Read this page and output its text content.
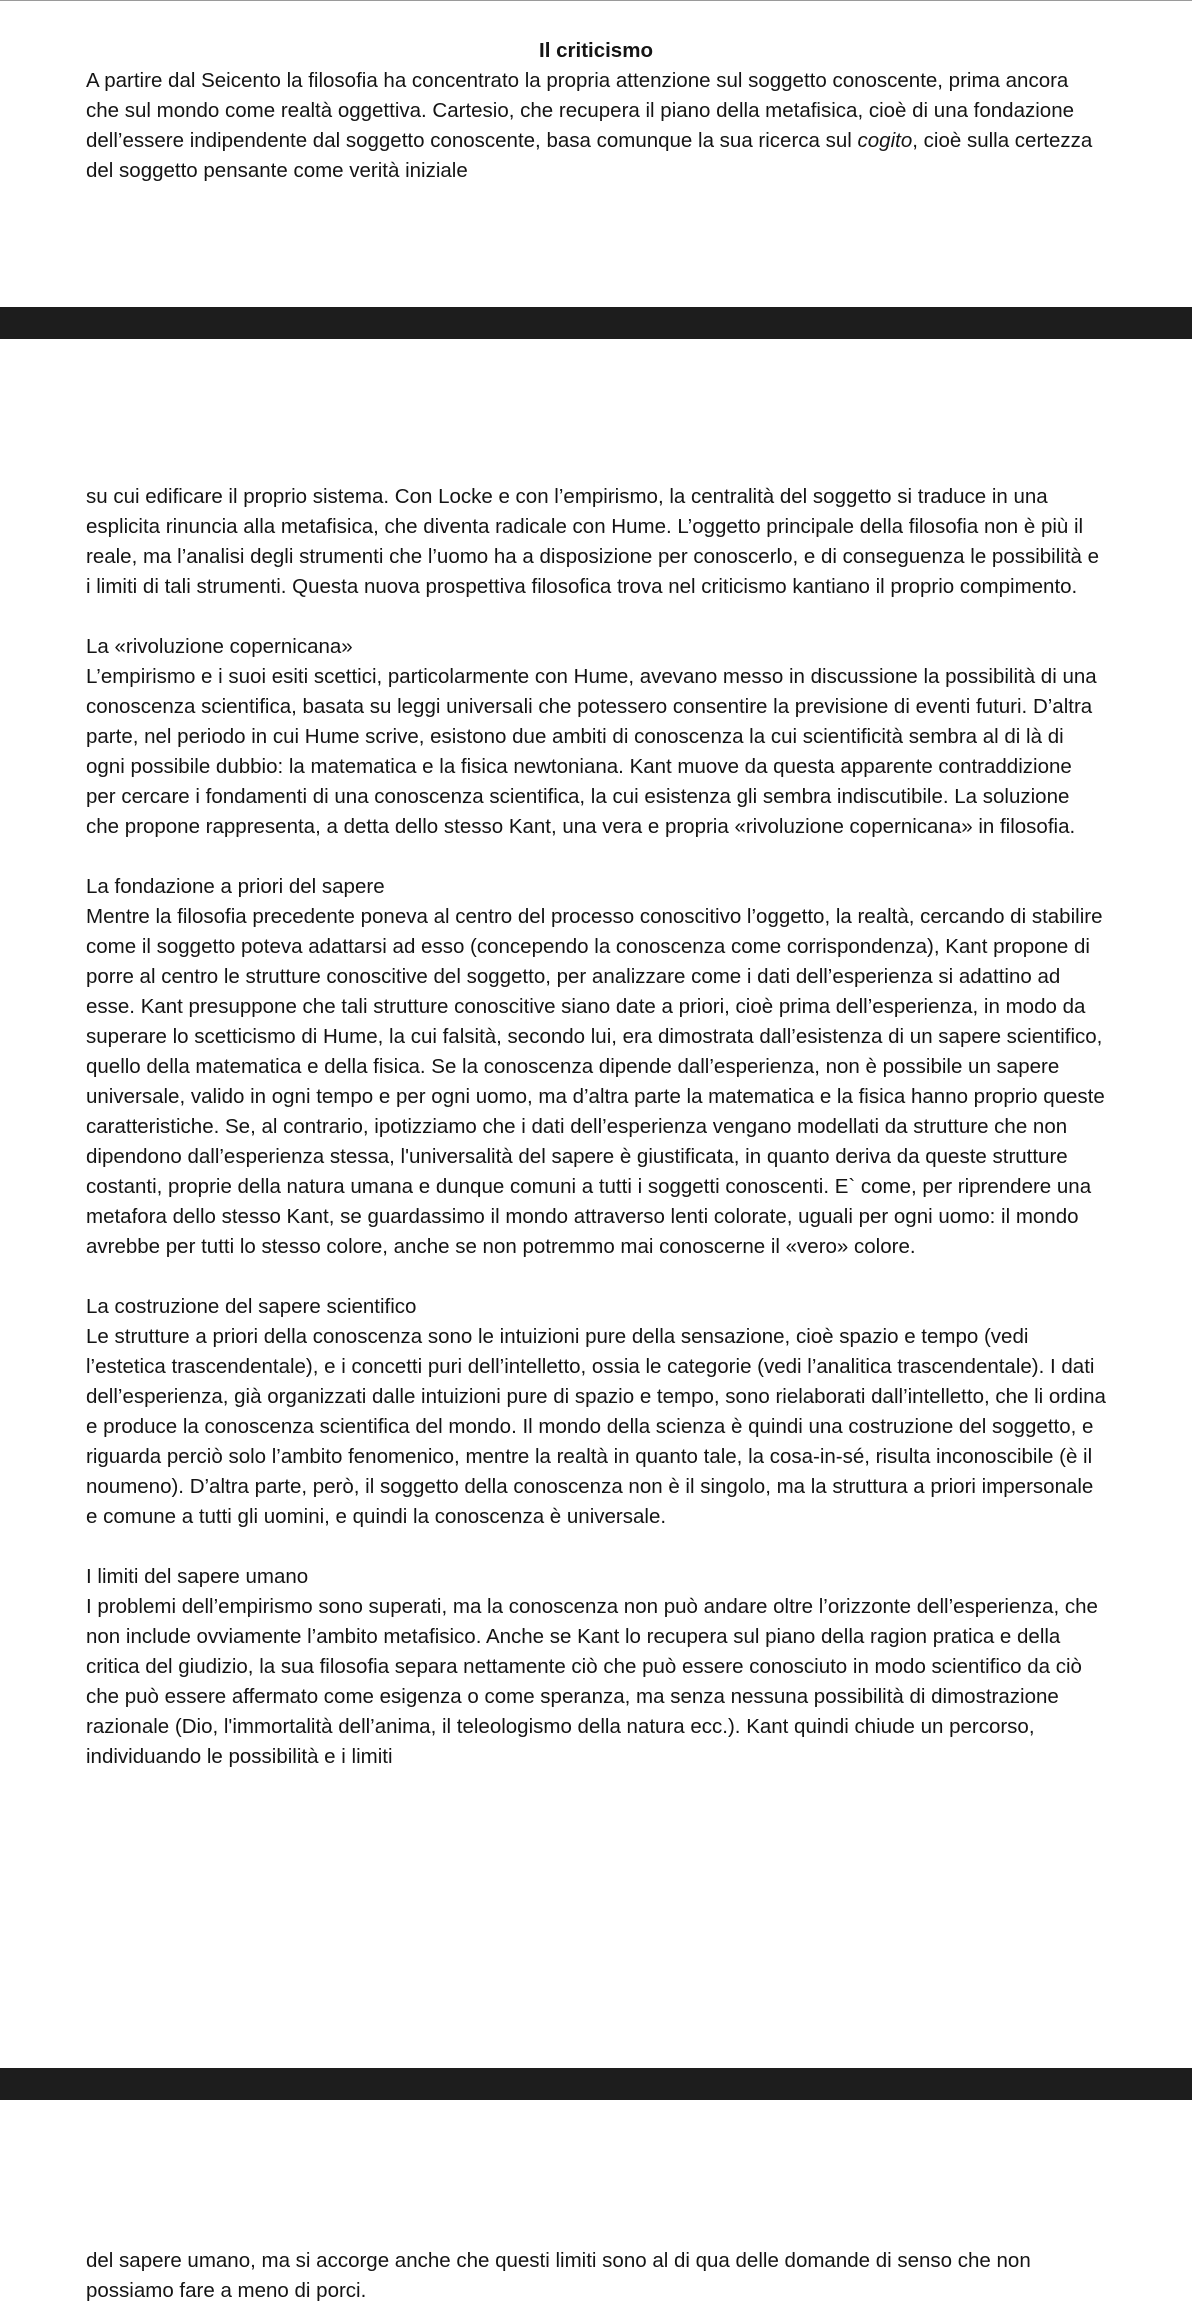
Il criticismo

A partire dal Seicento la filosofia ha concentrato la propria attenzione sul soggetto conoscente, prima ancora che sul mondo come realtà oggettiva. Cartesio, che recupera il piano della metafisica, cioè di una fondazione dell’essere indipendente dal soggetto conoscente, basa comunque la sua ricerca sul cogito, cioè sulla certezza del soggetto pensante come verità iniziale

su cui edificare il proprio sistema. Con Locke e con l’empirismo, la centralità del soggetto si traduce in una esplicita rinuncia alla metafisica, che diventa radicale con Hume. L’oggetto principale della filosofia non è più il reale, ma l’analisi degli strumenti che l’uomo ha a disposizione per conoscerlo, e di conseguenza le possibilità e i limiti di tali strumenti. Questa nuova prospettiva filosofica trova nel criticismo kantiano il proprio compimento.

La «rivoluzione copernicana»

L’empirismo e i suoi esiti scettici, particolarmente con Hume, avevano messo in discussione la possibilità di una conoscenza scientifica, basata su leggi universali che potessero consentire la previsione di eventi futuri. D’altra parte, nel periodo in cui Hume scrive, esistono due ambiti di conoscenza la cui scientificità sembra al di là di ogni possibile dubbio: la matematica e la fisica newtoniana. Kant muove da questa apparente contraddizione per cercare i fondamenti di una conoscenza scientifica, la cui esistenza gli sembra indiscutibile. La soluzione che propone rappresenta, a detta dello stesso Kant, una vera e propria «rivoluzione copernicana» in filosofia.

La fondazione a priori del sapere

Mentre la filosofia precedente poneva al centro del processo conoscitivo l’oggetto, la realtà, cercando di stabilire come il soggetto poteva adattarsi ad esso (concependo la conoscenza come corrispondenza), Kant propone di porre al centro le strutture conoscitive del soggetto, per analizzare come i dati dell’esperienza si adattino ad esse. Kant presuppone che tali strutture conoscitive siano date a priori, cioè prima dell’esperienza, in modo da superare lo scetticismo di Hume, la cui falsità, secondo lui, era dimostrata dall’esistenza di un sapere scientifico, quello della matematica e della fisica. Se la conoscenza dipende dall’esperienza, non è possibile un sapere universale, valido in ogni tempo e per ogni uomo, ma d’altra parte la matematica e la fisica hanno proprio queste caratteristiche. Se, al contrario, ipotizziamo che i dati dell’esperienza vengano modellati da strutture che non dipendono dall’esperienza stessa, l'universalità del sapere è giustificata, in quanto deriva da queste strutture costanti, proprie della natura umana e dunque comuni a tutti i soggetti conoscenti. E` come, per riprendere una metafora dello stesso Kant, se guardassimo il mondo attraverso lenti colorate, uguali per ogni uomo: il mondo avrebbe per tutti lo stesso colore, anche se non potremmo mai conoscerne il «vero» colore.

La costruzione del sapere scientifico

Le strutture a priori della conoscenza sono le intuizioni pure della sensazione, cioè spazio e tempo (vedi l’estetica trascendentale), e i concetti puri dell’intelletto, ossia le categorie (vedi l’analitica trascendentale). I dati dell’esperienza, già organizzati dalle intuizioni pure di spazio e tempo, sono rielaborati dall’intelletto, che li ordina e produce la conoscenza scientifica del mondo. Il mondo della scienza è quindi una costruzione del soggetto, e riguarda perciò solo l’ambito fenomenico, mentre la realtà in quanto tale, la cosa-in-sé, risulta inconoscibile (è il noumeno). D’altra parte, però, il soggetto della conoscenza non è il singolo, ma la struttura a priori impersonale e comune a tutti gli uomini, e quindi la conoscenza è universale.

I limiti del sapere umano

I problemi dell’empirismo sono superati, ma la conoscenza non può andare oltre l’orizzonte dell’esperienza, che non include ovviamente l’ambito metafisico. Anche se Kant lo recupera sul piano della ragion pratica e della critica del giudizio, la sua filosofia separa nettamente ciò che può essere conosciuto in modo scientifico da ciò che può essere affermato come esigenza o come speranza, ma senza nessuna possibilità di dimostrazione razionale (Dio, l'immortalità dell’anima, il teleologismo della natura ecc.). Kant quindi chiude un percorso, individuando le possibilità e i limiti

del sapere umano, ma si accorge anche che questi limiti sono al di qua delle domande di senso che non possiamo fare a meno di porci.
